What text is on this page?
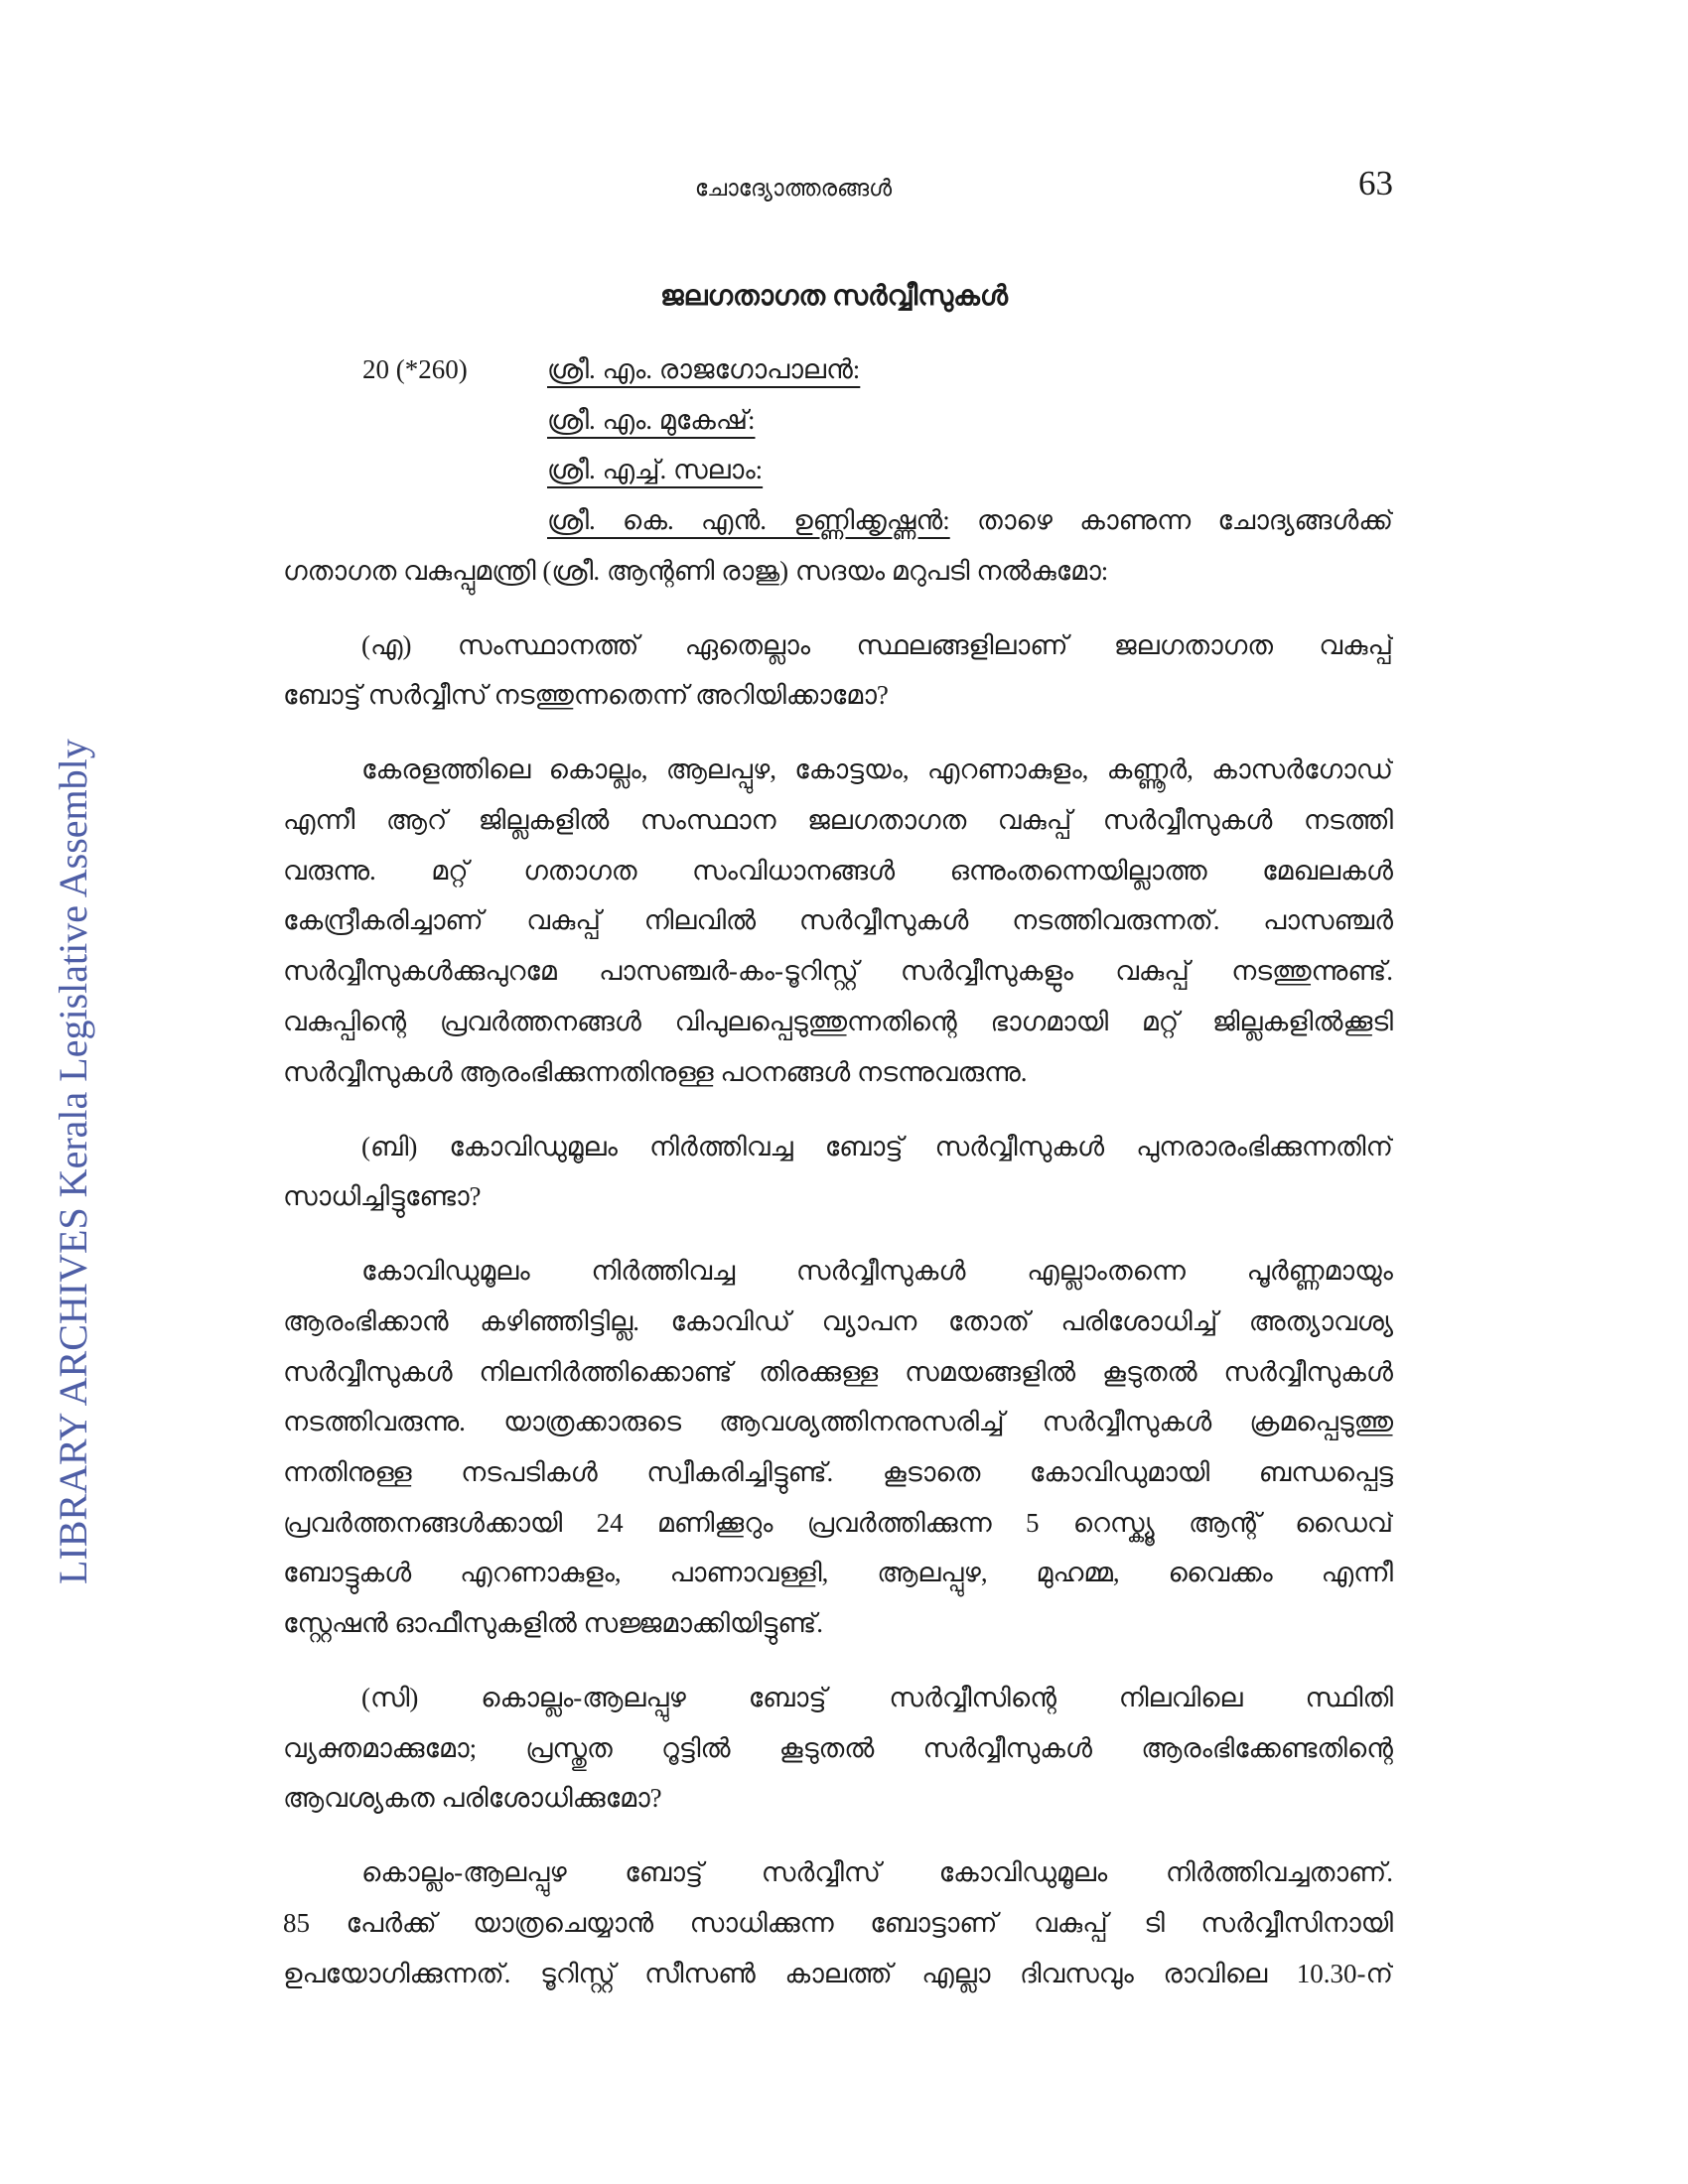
ചോദ്യോത്തരങ്ങൾ	63
ജലഗതാഗത സർവ്വീസുകൾ
LIBRARY ARCHIVES Kerala Legislative Assembly
20 (*260)	ശ്രീ. എം. രാജഗോപാലൻ:
ശ്രീ. എം. മുകേഷ്:
ശ്രീ. എച്ച്. സലാം:
ശ്രീ. കെ. എൻ. ഉണ്ണിക്കൃഷ്ണൻ: താഴെ കാണുന്ന ചോദ്യങ്ങൾക്ക്
ഗതാഗത വകുപ്പുമന്ത്രി (ശ്രീ. ആന്റണി രാജു) സദയം മറുപടി നൽകുമോ:
(എ) സംസ്ഥാനത്ത് ഏതെല്ലാം സ്ഥലങ്ങളിലാണ് ജലഗതാഗത വകുപ്പ്
ബോട്ട് സർവ്വീസ് നടത്തുന്നതെന്ന് അറിയിക്കാമോ?
കേരളത്തിലെ കൊല്ലം, ആലപ്പുഴ, കോട്ടയം, എറണാകുളം, കണ്ണൂർ, കാസർഗോഡ്
എന്നീ ആറ് ജില്ലകളിൽ സംസ്ഥാന ജലഗതാഗത വകുപ്പ് സർവ്വീസുകൾ നടത്തി
വരുന്നു. മറ്റ് ഗതാഗത സംവിധാനങ്ങൾ ഒന്നുംതന്നെയില്ലാത്ത മേഖലകൾ
കേന്ദ്രീകരിച്ചാണ് വകുപ്പ് നിലവിൽ സർവ്വീസുകൾ നടത്തിവരുന്നത്. പാസഞ്ചർ
സർവ്വീസുകൾക്കുപുറമേ പാസഞ്ചർ-കം-ടൂറിസ്റ്റ് സർവ്വീസുകളും വകുപ്പ് നടത്തുന്നുണ്ട്.
വകുപ്പിന്റെ പ്രവർത്തനങ്ങൾ വിപുലപ്പെടുത്തുന്നതിന്റെ ഭാഗമായി മറ്റ് ജില്ലകളിൽക്കൂടി
സർവ്വീസുകൾ ആരംഭിക്കുന്നതിനുള്ള പഠനങ്ങൾ നടന്നുവരുന്നു.
(ബി) കോവിഡുമൂലം നിർത്തിവച്ച ബോട്ട് സർവ്വീസുകൾ പുനരാരംഭിക്കുന്നതിന്
സാധിച്ചിട്ടുണ്ടോ?
കോവിഡുമൂലം നിർത്തിവച്ച സർവ്വീസുകൾ എല്ലാംതന്നെ പൂർണ്ണമായും
ആരംഭിക്കാൻ കഴിഞ്ഞിട്ടില്ല. കോവിഡ് വ്യാപന തോത് പരിശോധിച്ച് അത്യാവശ്യ
സർവ്വീസുകൾ നിലനിർത്തിക്കൊണ്ട് തിരക്കുള്ള സമയങ്ങളിൽ കൂടുതൽ സർവ്വീസുകൾ
നടത്തിവരുന്നു. യാത്രക്കാരുടെ ആവശ്യത്തിനനുസരിച്ച് സർവ്വീസുകൾ ക്രമപ്പെടുത്തു
ന്നതിനുള്ള നടപടികൾ സ്വീകരിച്ചിട്ടുണ്ട്. കൂടാതെ കോവിഡുമായി ബന്ധപ്പെട്ട
പ്രവർത്തനങ്ങൾക്കായി 24 മണിക്കൂറും പ്രവർത്തിക്കുന്ന 5 റെസ്ക്യൂ ആന്റ് ഡൈവ്
ബോട്ടുകൾ എറണാകുളം, പാണാവള്ളി, ആലപ്പുഴ, മുഹമ്മ, വൈക്കം എന്നീ
സ്റ്റേഷൻ ഓഫീസുകളിൽ സജ്ജമാക്കിയിട്ടുണ്ട്.
(സി) കൊല്ലം-ആലപ്പുഴ ബോട്ട് സർവ്വീസിന്റെ നിലവിലെ സ്ഥിതി
വ്യക്തമാക്കുമോ; പ്രസ്തുത റൂട്ടിൽ കൂടുതൽ സർവ്വീസുകൾ ആരംഭിക്കേണ്ടതിന്റെ
ആവശ്യകത പരിശോധിക്കുമോ?
കൊല്ലം-ആലപ്പുഴ ബോട്ട് സർവ്വീസ് കോവിഡുമൂലം നിർത്തിവച്ചതാണ്.
85 പേർക്ക് യാത്രചെയ്യാൻ സാധിക്കുന്ന ബോട്ടാണ് വകുപ്പ് ടി സർവ്വീസിനായി
ഉപയോഗിക്കുന്നത്. ടൂറിസ്റ്റ് സീസൺ കാലത്ത് എല്ലാ ദിവസവും രാവിലെ 10.30-ന്
